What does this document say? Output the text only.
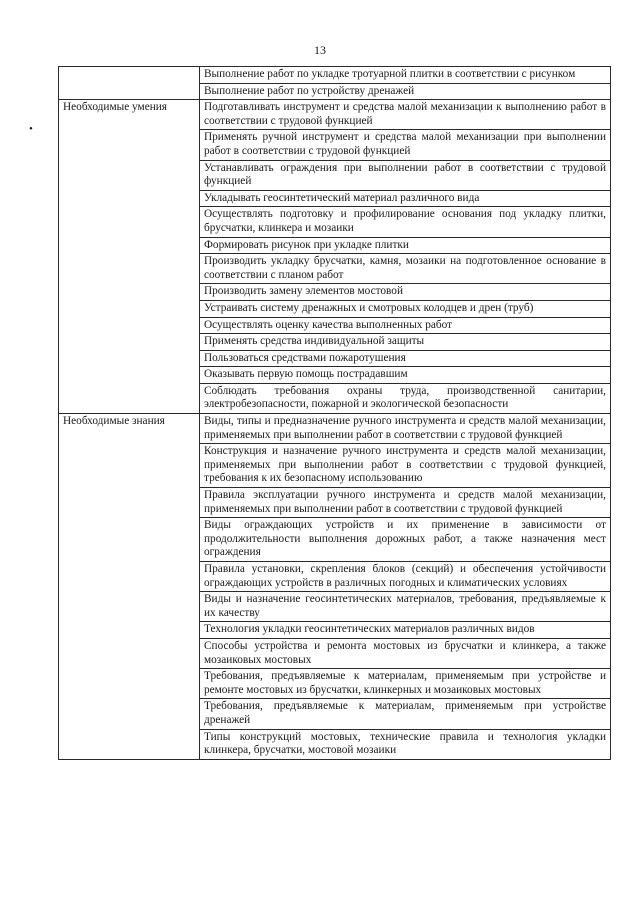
13
•
	Выполнение работ по укладке тротуарной плитки в соответствии с рисунком
	Выполнение работ по устройству дренажей
Необходимые умения	Подготавливать инструмент и средства малой механизации к выполнению работ в соответствии с трудовой функцией
	Применять ручной инструмент и средства малой механизации при выполнении работ в соответствии с трудовой функцией
	Устанавливать ограждения при выполнении работ в соответствии с трудовой функцией
	Укладывать геосинтетический материал различного вида
	Осуществлять подготовку и профилирование основания под укладку плитки, брусчатки, клинкера и мозаики
	Формировать рисунок при укладке плитки
	Производить укладку брусчатки, камня, мозаики на подготовленное основание в соответствии с планом работ
	Производить замену элементов мостовой
	Устраивать систему дренажных и смотровых колодцев и дрен (труб)
	Осуществлять оценку качества выполненных работ
	Применять средства индивидуальной защиты
	Пользоваться средствами пожаротушения
	Оказывать первую помощь пострадавшим
	Соблюдать требования охраны труда, производственной санитарии, электробезопасности, пожарной и экологической безопасности
Необходимые знания	Виды, типы и предназначение ручного инструмента и средств малой механизации, применяемых при выполнении работ в соответствии с трудовой функцией
	Конструкция и назначение ручного инструмента и средств малой механизации, применяемых при выполнении работ в соответствии с трудовой функцией, требования к их безопасному использованию
	Правила эксплуатации ручного инструмента и средств малой механизации, применяемых при выполнении работ в соответствии с трудовой функцией
	Виды ограждающих устройств и их применение в зависимости от продолжительности выполнения дорожных работ, а также назначения мест ограждения
	Правила установки, скрепления блоков (секций) и обеспечения устойчивости ограждающих устройств в различных погодных и климатических условиях
	Виды и назначение геосинтетических материалов, требования, предъявляемые к их качеству
	Технология укладки геосинтетических материалов различных видов
	Способы устройства и ремонта мостовых из брусчатки и клинкера, а также мозаиковых мостовых
	Требования, предъявляемые к материалам, применяемым при устройстве и ремонте мостовых из брусчатки, клинкерных и мозаиковых мостовых
	Требования, предъявляемые к материалам, применяемым при устройстве дренажей
	Типы конструкций мостовых, технические правила и технология укладки клинкера, брусчатки, мостовой мозаики
